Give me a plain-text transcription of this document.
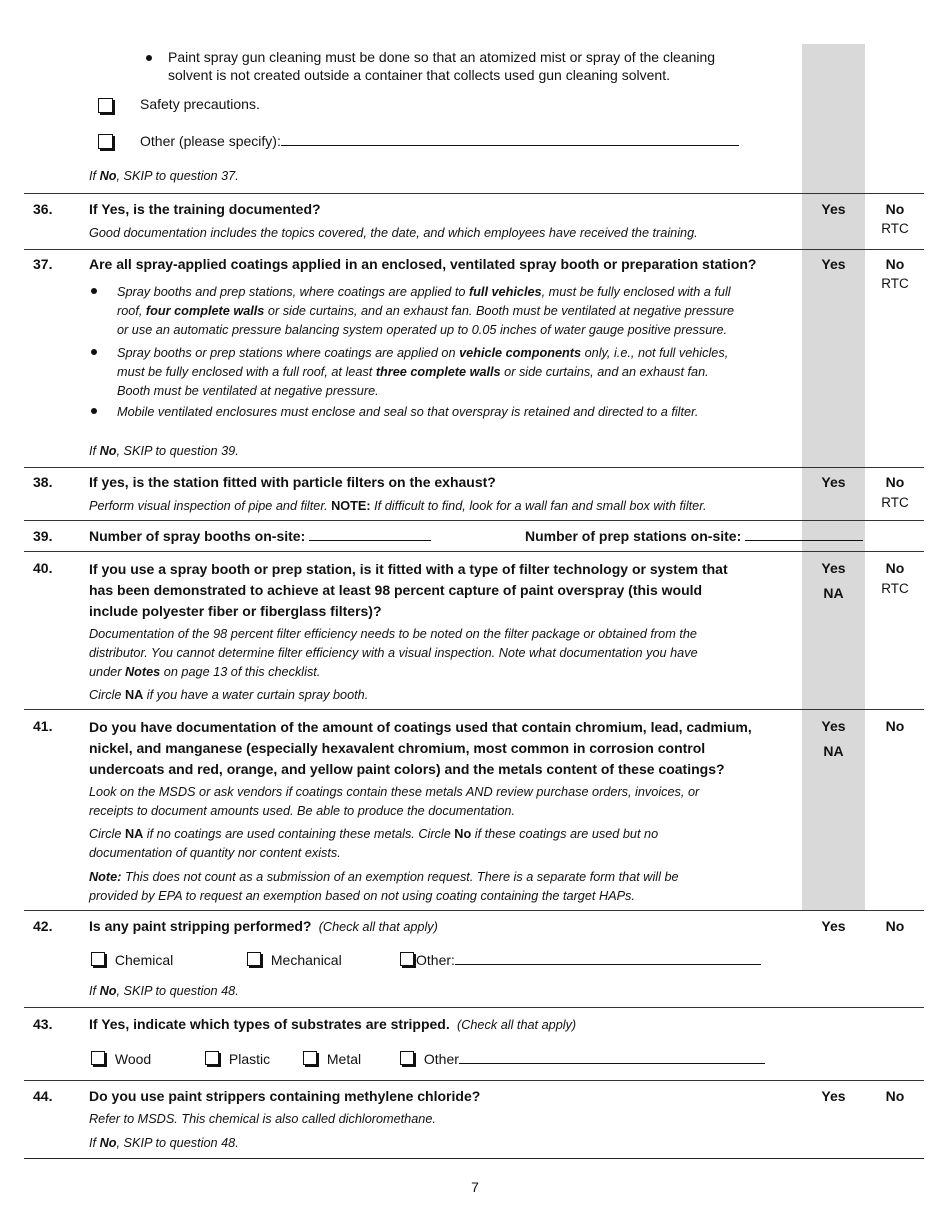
Paint spray gun cleaning must be done so that an atomized mist or spray of the cleaning
solvent is not created outside a container that collects used gun cleaning solvent.
Safety precautions.
Other (please specify):
If No, SKIP to question 37.
36.	If Yes, is the training documented?
Good documentation includes the topics covered, the date, and which employees have received the training.
Yes	No
RTC
37.	Are all spray-applied coatings applied in an enclosed, ventilated spray booth or preparation station?	Yes	No
RTC
Spray booths and prep stations, where coatings are applied to full vehicles, must be fully enclosed with a full
roof, four complete walls or side curtains, and an exhaust fan. Booth must be ventilated at negative pressure
or use an automatic pressure balancing system operated up to 0.05 inches of water gauge positive pressure.
Spray booths or prep stations where coatings are applied on vehicle components only, i.e., not full vehicles,
must be fully enclosed with a full roof, at least three complete walls or side curtains, and an exhaust fan.
Booth must be ventilated at negative pressure.
Mobile ventilated enclosures must enclose and seal so that overspray is retained and directed to a filter.
If No, SKIP to question 39.
38.	If yes, is the station fitted with particle filters on the exhaust?
Perform visual inspection of pipe and filter. NOTE: If difficult to find, look for a wall fan and small box with filter.
Yes	No
RTC
39.	Number of spray booths on-site:	Number of prep stations on-site:
40.	If you use a spray booth or prep station, is it fitted with a type of filter technology or system that
has been demonstrated to achieve at least 98 percent capture of paint overspray (this would
include polyester fiber or fiberglass filters)?
Documentation of the 98 percent filter efficiency needs to be noted on the filter package or obtained from the
distributor. You cannot determine filter efficiency with a visual inspection. Note what documentation you have
under Notes on page 13 of this checklist.
Circle NA if you have a water curtain spray booth.
Yes
NA
No
RTC
41.	Do you have documentation of the amount of coatings used that contain chromium, lead, cadmium,
nickel, and manganese (especially hexavalent chromium, most common in corrosion control
undercoats and red, orange, and yellow paint colors) and the metals content of these coatings?
Look on the MSDS or ask vendors if coatings contain these metals AND review purchase orders, invoices, or
receipts to document amounts used. Be able to produce the documentation.
Circle NA if no coatings are used containing these metals. Circle No if these coatings are used but no
documentation of quantity nor content exists.
Note: This does not count as a submission of an exemption request. There is a separate form that will be
provided by EPA to request an exemption based on not using coating containing the target HAPs.
Yes
NA
No
42.	Is any paint stripping performed? (Check all that apply)	Yes	No
Chemical	Mechanical	Other:
If No, SKIP to question 48.
43.	If Yes, indicate which types of substrates are stripped. (Check all that apply)
Wood	Plastic	Metal	Other
44.	Do you use paint strippers containing methylene chloride?	Yes	No
Refer to MSDS. This chemical is also called dichloromethane.
If No, SKIP to question 48.
7
